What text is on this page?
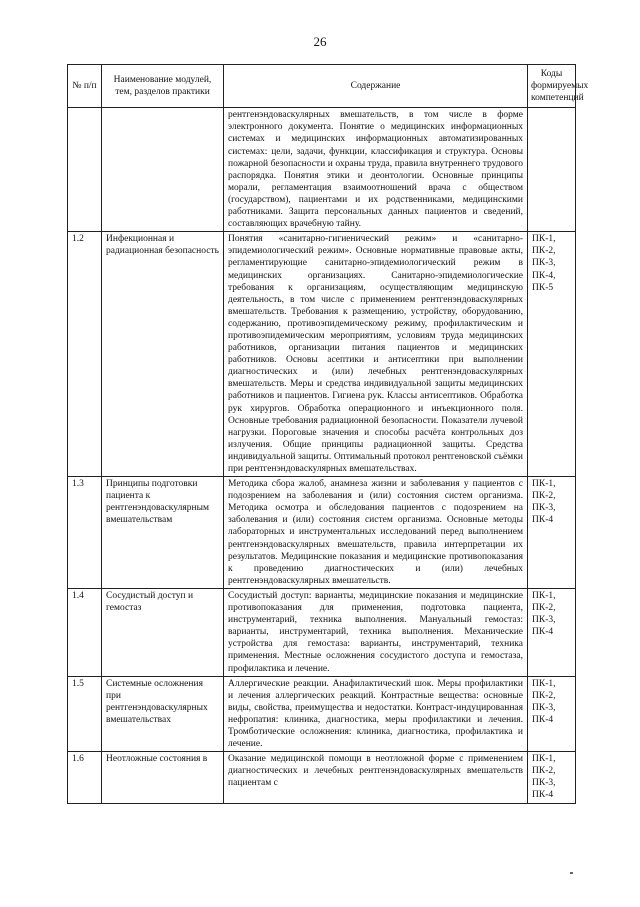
26
№ п/п	Наименование модулей, тем, разделов практики	Содержание	Коды формируемых компетенций
		рентгенэндоваскулярных вмешательств, в том числе в форме электронного документа. Понятие о медицинских информационных системах и медицинских информационных автоматизированных системах: цели, задачи, функции, классификация и структура. Основы пожарной безопасности и охраны труда, правила внутреннего трудового распорядка. Понятия этики и деонтологии. Основные принципы морали, регламентация взаимоотношений врача с обществом (государством), пациентами и их родственниками, медицинскими работниками. Защита персональных данных пациентов и сведений, составляющих врачебную тайну.	
1.2	Инфекционная и радиационная безопасность	Понятия «санитарно-гигиенический режим» и «санитарно-эпидемиологический режим». Основные нормативные правовые акты, регламентирующие санитарно-эпидемиологический режим в медицинских организациях. Санитарно-эпидемиологические требования к организациям, осуществляющим медицинскую деятельность, в том числе с применением рентгенэндоваскулярных вмешательств. Требования к размещению, устройству, оборудованию, содержанию, противоэпидемическому режиму, профилактическим и противоэпидемическим мероприятиям, условиям труда медицинских работников, организации питания пациентов и медицинских работников. Основы асептики и антисептики при выполнении диагностических и (или) лечебных рентгенэндоваскулярных вмешательств. Меры и средства индивидуальной защиты медицинских работников и пациентов. Гигиена рук. Классы антисептиков. Обработка рук хирургов. Обработка операционного и инъекционного поля. Основные требования радиационной безопасности. Показатели лучевой нагрузки. Пороговые значения и способы расчёта контрольных доз излучения. Общие принципы радиационной защиты. Средства индивидуальной защиты. Оптимальный протокол рентгеновской съёмки при рентгенэндоваскулярных вмешательствах.	ПК-1, ПК-2, ПК-3, ПК-4, ПК-5
1.3	Принципы подготовки пациента к рентгенэндоваскулярным вмешательствам	Методика сбора жалоб, анамнеза жизни и заболевания у пациентов с подозрением на заболевания и (или) состояния систем организма. Методика осмотра и обследования пациентов с подозрением на заболевания и (или) состояния систем организма. Основные методы лабораторных и инструментальных исследований перед выполнением рентгенэндоваскулярных вмешательств, правила интерпретации их результатов. Медицинские показания и медицинские противопоказания к проведению диагностических и (или) лечебных рентгенэндоваскулярных вмешательств.	ПК-1, ПК-2, ПК-3, ПК-4
1.4	Сосудистый доступ и гемостаз	Сосудистый доступ: варианты, медицинские показания и медицинские противопоказания для применения, подготовка пациента, инструментарий, техника выполнения. Мануальный гемостаз: варианты, инструментарий, техника выполнения. Механические устройства для гемостаза: варианты, инструментарий, техника применения. Местные осложнения сосудистого доступа и гемостаза, профилактика и лечение.	ПК-1, ПК-2, ПК-3, ПК-4
1.5	Системные осложнения при рентгенэндоваскулярных вмешательствах	Аллергические реакции. Анафилактический шок. Меры профилактики и лечения аллергических реакций. Контрастные вещества: основные виды, свойства, преимущества и недостатки. Контраст-индуцированная нефропатия: клиника, диагностика, меры профилактики и лечения. Тромботические осложнения: клиника, диагностика, профилактика и лечение.	ПК-1, ПК-2, ПК-3, ПК-4
1.6	Неотложные состояния в	Оказание медицинской помощи в неотложной форме с применением диагностических и лечебных рентгенэндоваскулярных вмешательств пациентам с	ПК-1, ПК-2, ПК-3, ПК-4
